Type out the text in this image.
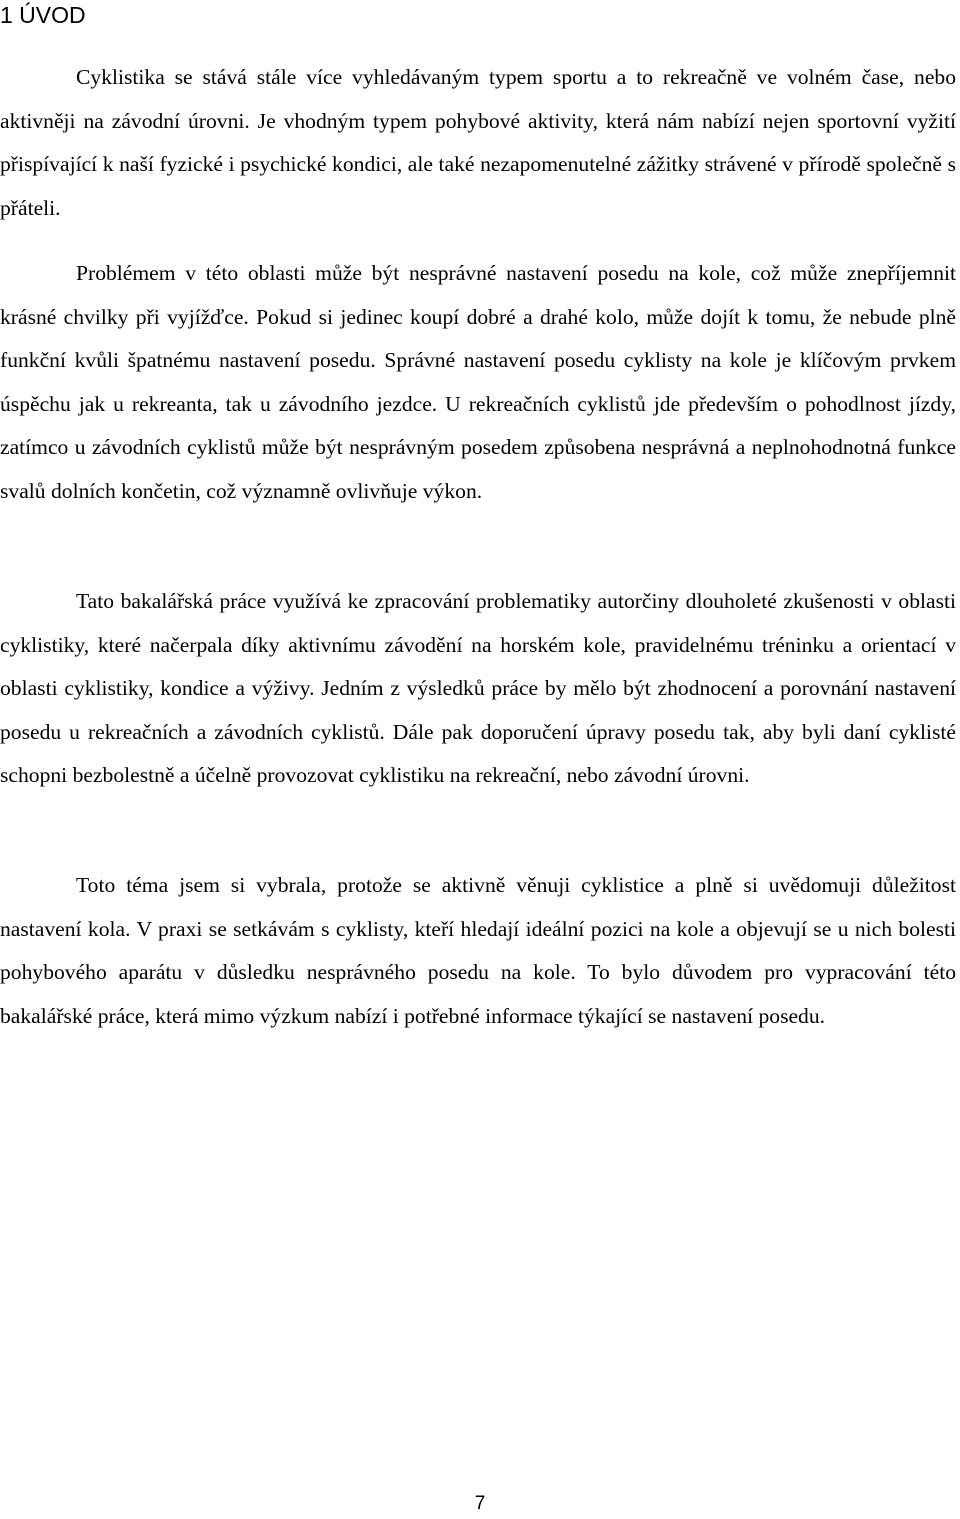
1 ÚVOD

Cyklistika se stává stále více vyhledávaným typem sportu a to rekreačně ve volném čase, nebo aktivněji na závodní úrovni. Je vhodným typem pohybové aktivity, která nám nabízí nejen sportovní vyžití přispívající k naší fyzické i psychické kondici, ale také nezapomenutelné zážitky strávené v přírodě společně s přáteli.

Problémem v této oblasti může být nesprávné nastavení posedu na kole, což může znepříjemnit krásné chvilky při vyjížďce. Pokud si jedinec koupí dobré a drahé kolo, může dojít k tomu, že nebude plně funkční kvůli špatnému nastavení posedu. Správné nastavení posedu cyklisty na kole je klíčovým prvkem úspěchu jak u rekreanta, tak u závodního jezdce. U rekreačních cyklistů jde především o pohodlnost jízdy, zatímco u závodních cyklistů může být nesprávným posedem způsobena nesprávná a neplnohodnotná funkce svalů dolních končetin, což významně ovlivňuje výkon.

Tato bakalářská práce využívá ke zpracování problematiky autorčiny dlouholeté zkušenosti v oblasti cyklistiky, které načerpala díky aktivnímu závodění na horském kole, pravidelnému tréninku a orientací v oblasti cyklistiky, kondice a výživy. Jedním z výsledků práce by mělo být zhodnocení a porovnání nastavení posedu u rekreačních a závodních cyklistů. Dále pak doporučení úpravy posedu tak, aby byli daní cyklisté schopni bezbolestně a účelně provozovat cyklistiku na rekreační, nebo závodní úrovni.

Toto téma jsem si vybrala, protože se aktivně věnuji cyklistice a plně si uvědomuji důležitost nastavení kola. V praxi se setkávám s cyklisty, kteří hledají ideální pozici na kole a objevují se u nich bolesti pohybového aparátu v důsledku nesprávného posedu na kole. To bylo důvodem pro vypracování této bakalářské práce, která mimo výzkum nabízí i potřebné informace týkající se nastavení posedu.

7
